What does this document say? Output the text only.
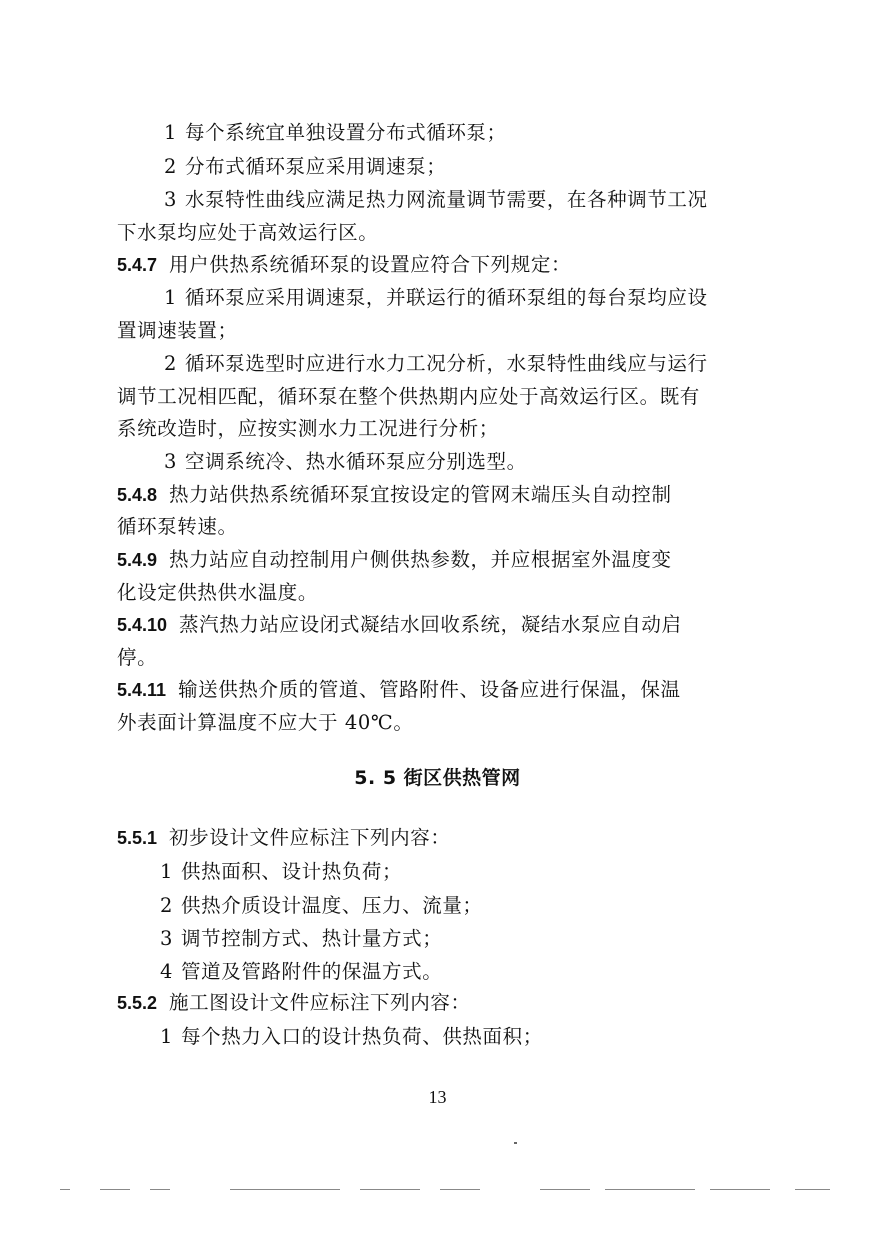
1 每个系统宜单独设置分布式循环泵；
2 分布式循环泵应采用调速泵；
3 水泵特性曲线应满足热力网流量调节需要，在各种调节工况
下水泵均应处于高效运行区。
5.4.7 用户供热系统循环泵的设置应符合下列规定：
1 循环泵应采用调速泵，并联运行的循环泵组的每台泵均应设
置调速装置；
2 循环泵选型时应进行水力工况分析，水泵特性曲线应与运行
调节工况相匹配，循环泵在整个供热期内应处于高效运行区。既有
系统改造时，应按实测水力工况进行分析；
3 空调系统冷、热水循环泵应分别选型。
5.4.8 热力站供热系统循环泵宜按设定的管网末端压头自动控制
循环泵转速。
5.4.9 热力站应自动控制用户侧供热参数，并应根据室外温度变
化设定供热供水温度。
5.4.10 蒸汽热力站应设闭式凝结水回收系统，凝结水泵应自动启
停。
5.4.11 输送供热介质的管道、管路附件、设备应进行保温，保温
外表面计算温度不应大于 40℃。
5. 5 街区供热管网
5.5.1 初步设计文件应标注下列内容：
1 供热面积、设计热负荷；
2 供热介质设计温度、压力、流量；
3 调节控制方式、热计量方式；
4 管道及管路附件的保温方式。
5.5.2 施工图设计文件应标注下列内容：
1 每个热力入口的设计热负荷、供热面积；
13
